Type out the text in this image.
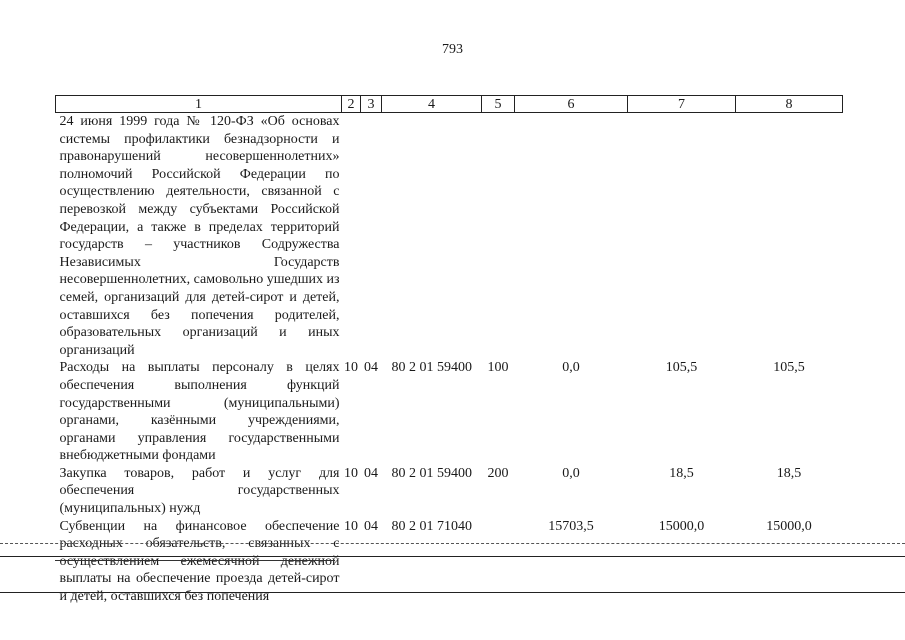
793
1	2	3	4	5	6	7	8
24 июня 1999 года № 120-ФЗ «Об основах системы профилактики безнадзорности и правонарушений несовершеннолетних» полномочий Российской Федерации по осуществлению деятельности, связанной с перевозкой между субъектами Российской Федерации, а также в пределах территорий государств – участников Содружества Независимых Государств несовершеннолетних, самовольно ушедших из семей, организаций для детей-сирот и детей, оставшихся без попечения родителей, образовательных организаций и иных организаций							
Расходы на выплаты персоналу в целях обеспечения выполнения функций государственными (муниципальными) органами, казёнными учреждениями, органами управления государственными внебюджетными фондами	10	04	80 2 01 59400	100	0,0	105,5	105,5
Закупка товаров, работ и услуг для обеспечения государственных (муниципальных) нужд	10	04	80 2 01 59400	200	0,0	18,5	18,5
Субвенции на финансовое обеспечение расходных обязательств, связанных с осуществлением ежемесячной денежной выплаты на обеспечение проезда детей-сирот и детей, оставшихся без попечения	10	04	80 2 01 71040		15703,5	15000,0	15000,0
